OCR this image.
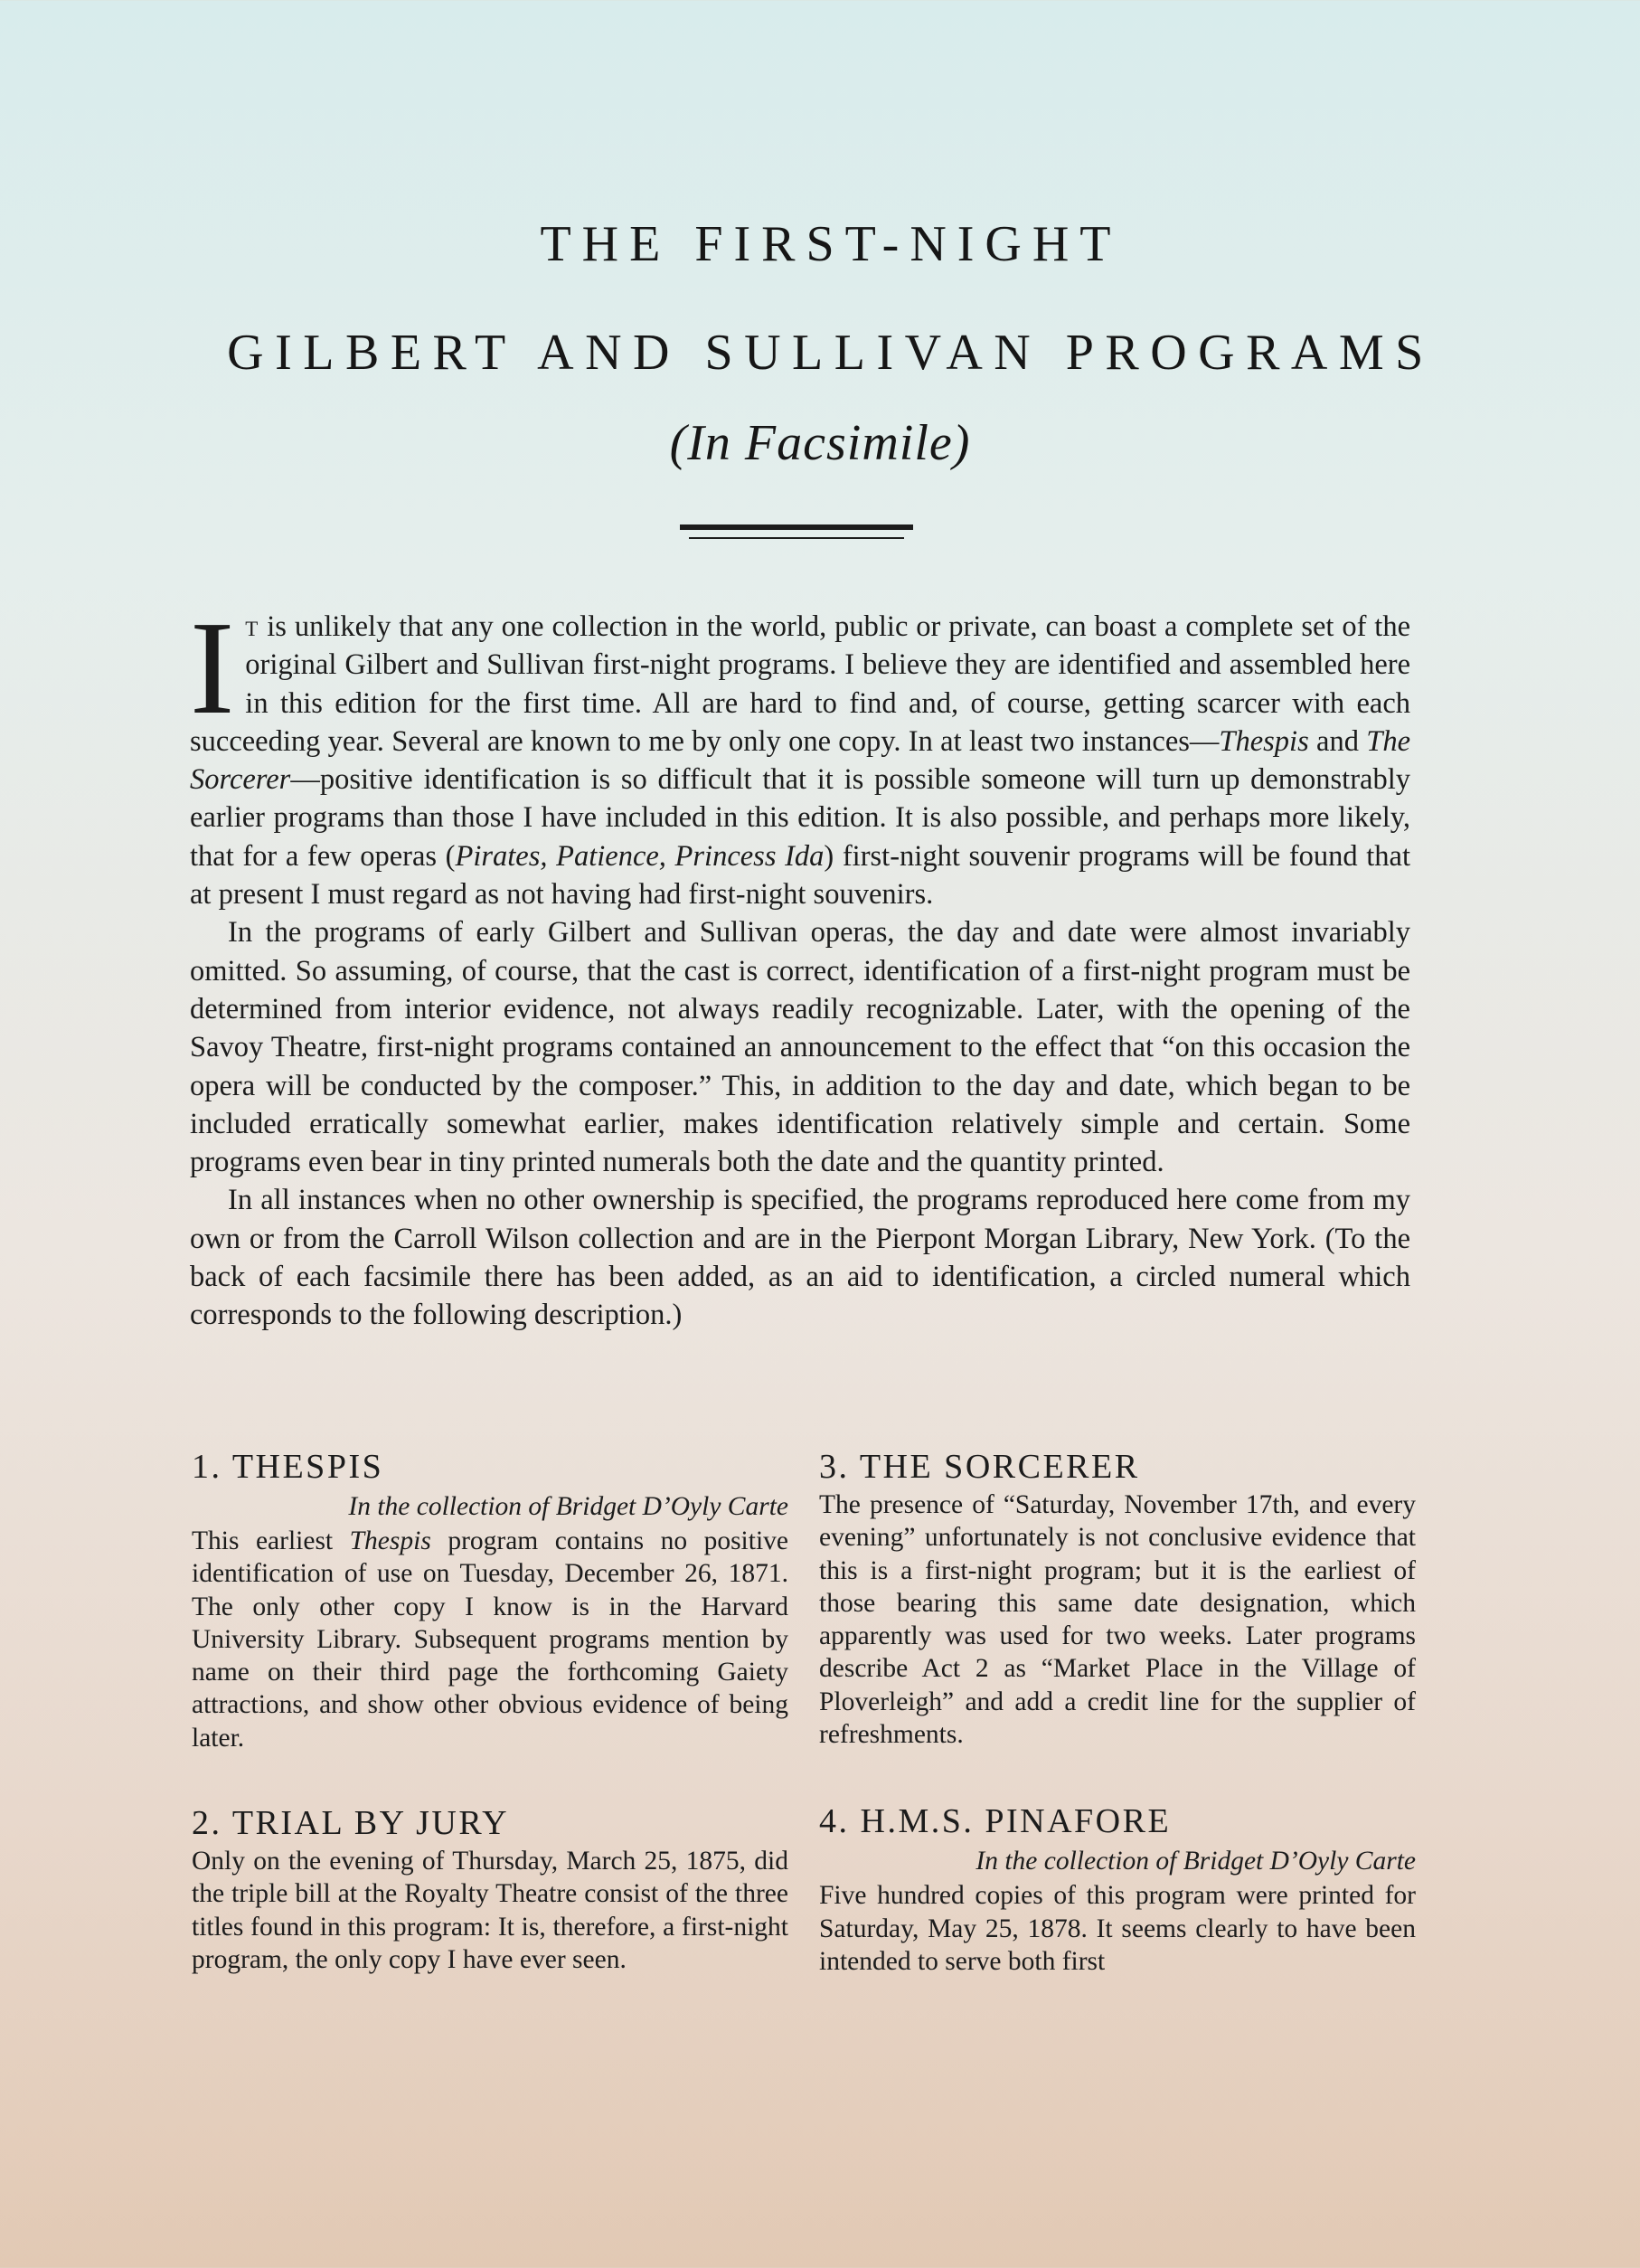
THE FIRST-NIGHT
GILBERT AND SULLIVAN PROGRAMS
(In Facsimile)

It is unlikely that any one collection in the world, public or private, can boast a complete set of the original Gilbert and Sullivan first-night programs. I believe they are identified and assembled here in this edition for the first time. All are hard to find and, of course, getting scarcer with each succeeding year. Several are known to me by only one copy. In at least two instances—Thespis and The Sorcerer—positive identification is so difficult that it is possible someone will turn up demonstrably earlier programs than those I have included in this edition. It is also possible, and perhaps more likely, that for a few operas (Pirates, Patience, Princess Ida) first-night souvenir programs will be found that at present I must regard as not having had first-night souvenirs.

In the programs of early Gilbert and Sullivan operas, the day and date were almost invariably omitted. So assuming, of course, that the cast is correct, identification of a first-night program must be determined from interior evidence, not always readily recognizable. Later, with the opening of the Savoy Theatre, first-night programs contained an announcement to the effect that “on this occasion the opera will be conducted by the composer.” This, in addition to the day and date, which began to be included erratically somewhat earlier, makes identification relatively simple and certain. Some programs even bear in tiny printed numerals both the date and the quantity printed.

In all instances when no other ownership is specified, the programs reproduced here come from my own or from the Carroll Wilson collection and are in the Pierpont Morgan Library, New York. (To the back of each facsimile there has been added, as an aid to identification, a circled numeral which corresponds to the following description.)

1. THESPIS

In the collection of Bridget D’Oyly Carte

This earliest Thespis program contains no positive identification of use on Tuesday, December 26, 1871. The only other copy I know is in the Harvard University Library. Subsequent programs mention by name on their third page the forthcoming Gaiety attractions, and show other obvious evidence of being later.

2. TRIAL BY JURY

Only on the evening of Thursday, March 25, 1875, did the triple bill at the Royalty Theatre consist of the three titles found in this program: It is, therefore, a first-night program, the only copy I have ever seen.

3. THE SORCERER

The presence of “Saturday, November 17th, and every evening” unfortunately is not conclusive evidence that this is a first-night program; but it is the earliest of those bearing this same date designation, which apparently was used for two weeks. Later programs describe Act 2 as “Market Place in the Village of Ploverleigh” and add a credit line for the supplier of refreshments.

4. H.M.S. PINAFORE

In the collection of Bridget D’Oyly Carte

Five hundred copies of this program were printed for Saturday, May 25, 1878. It seems clearly to have been intended to serve both first
